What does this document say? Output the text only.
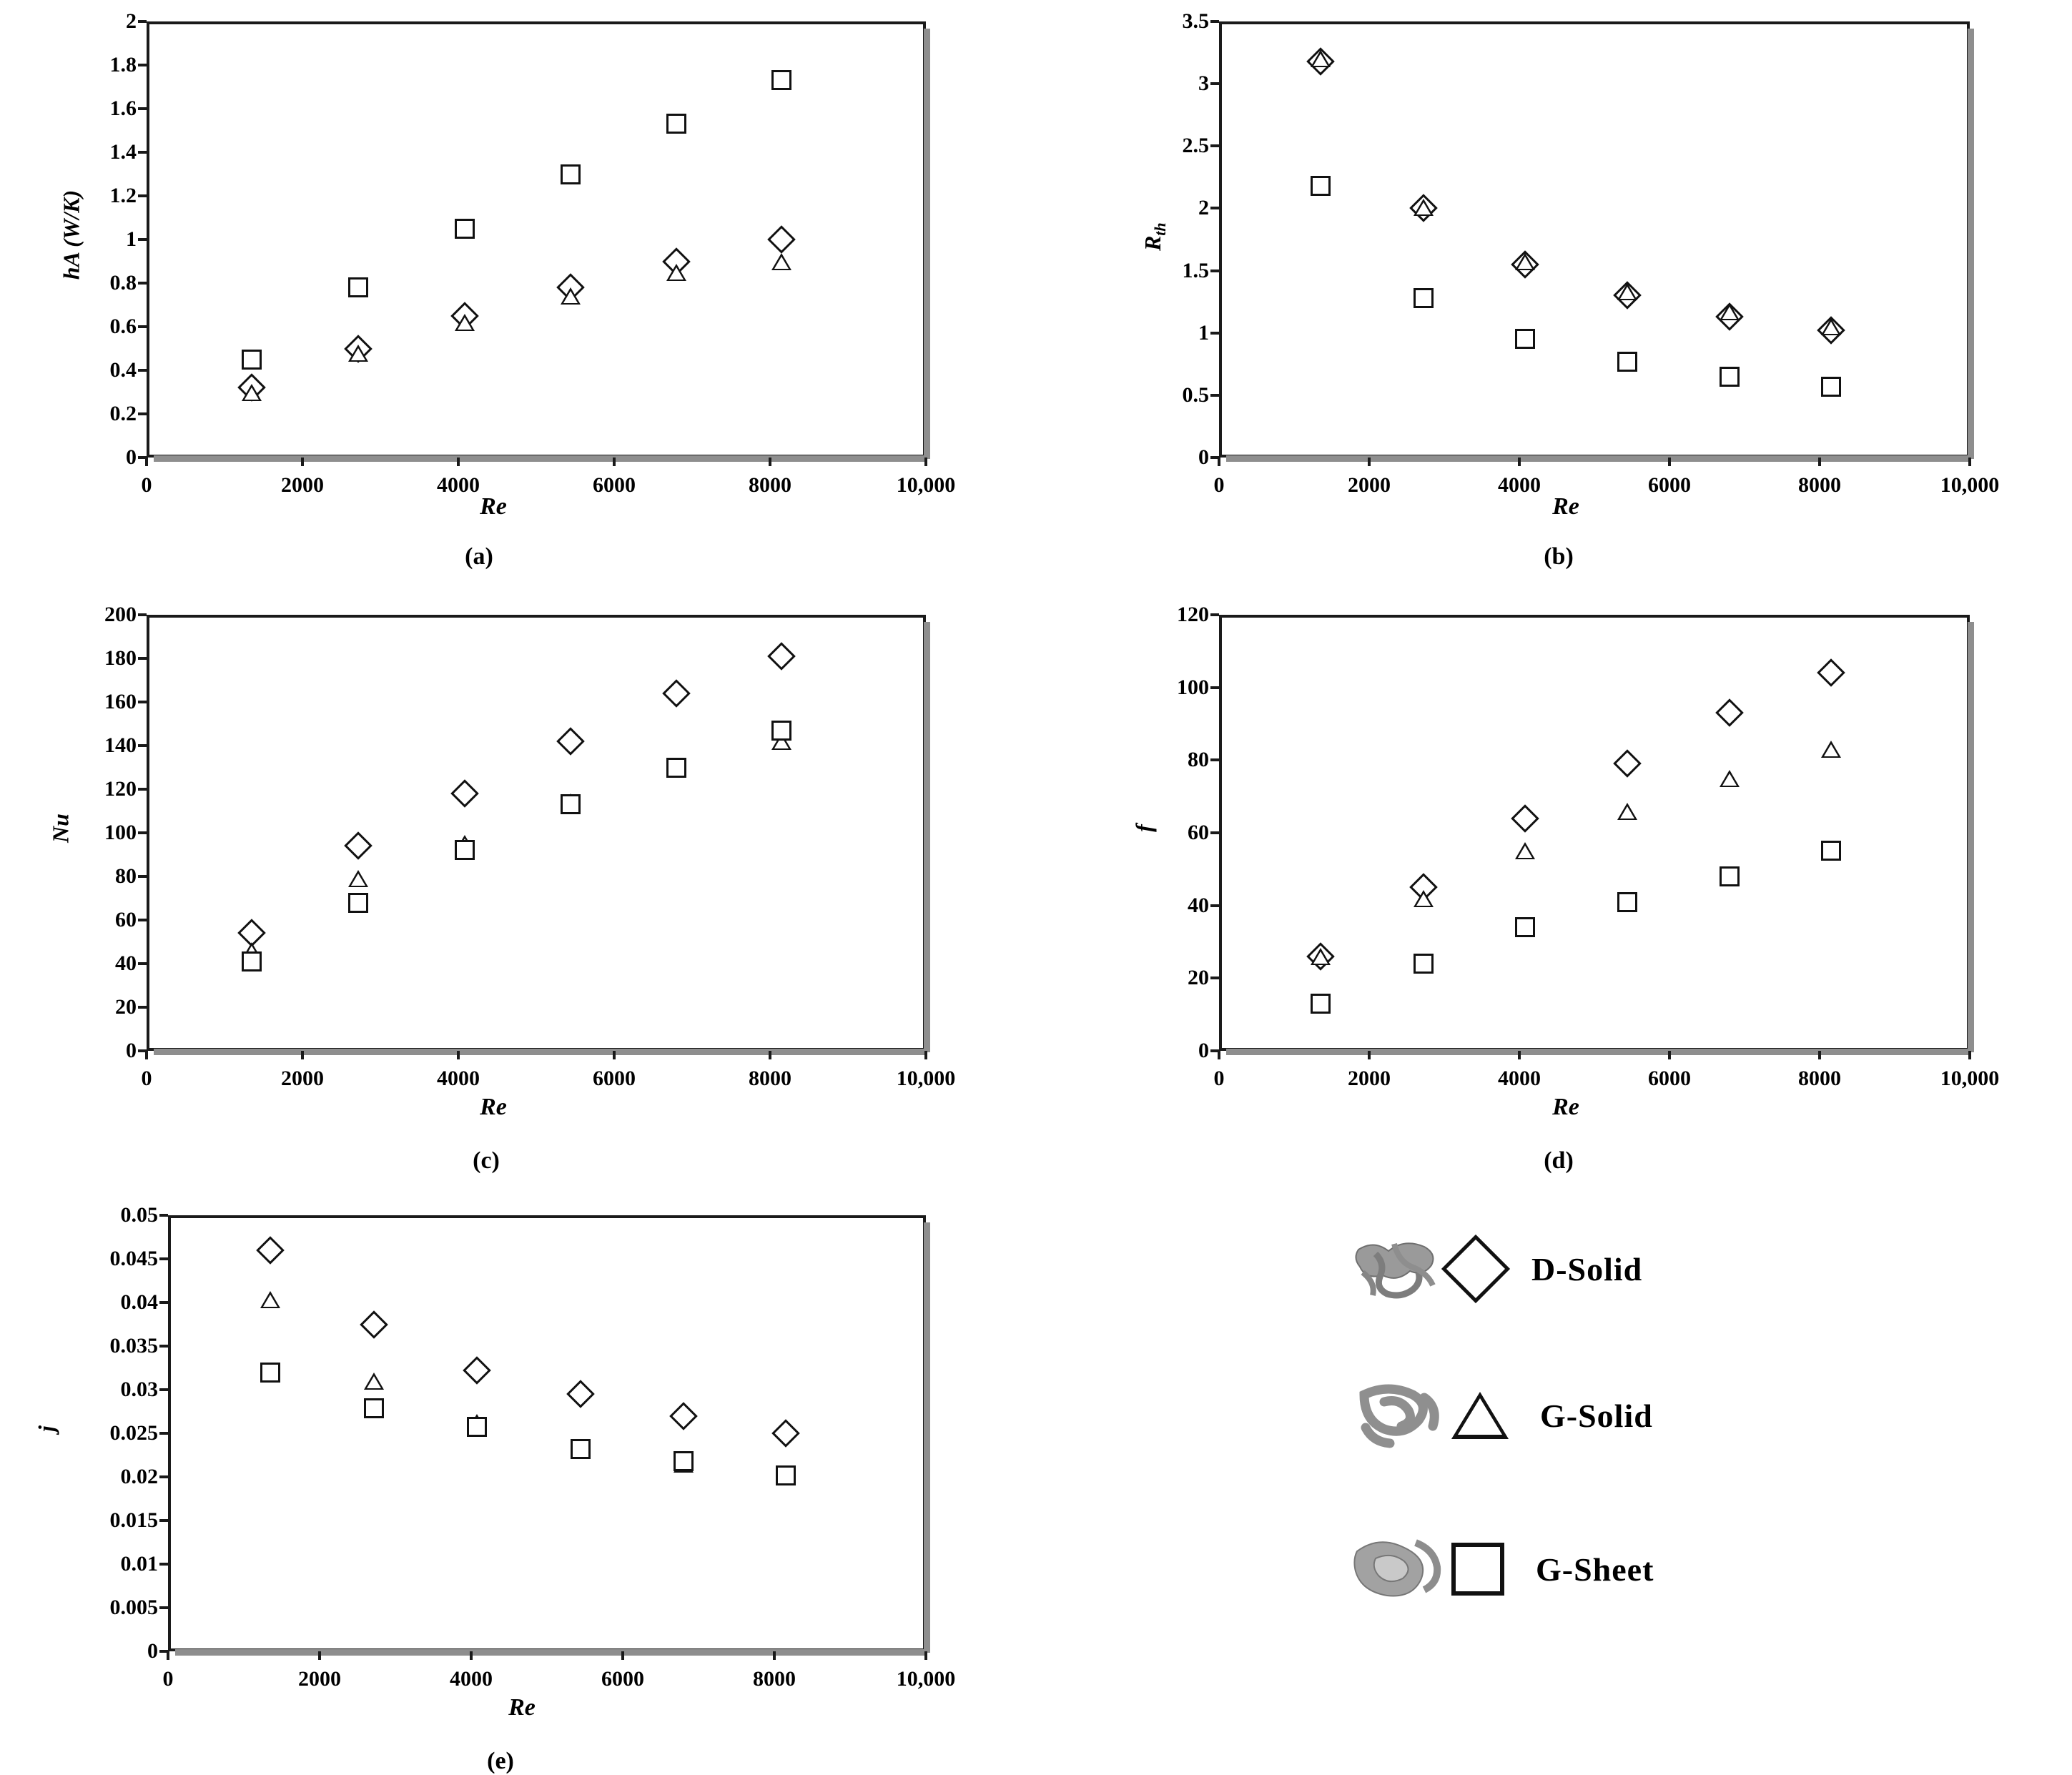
0
0.2
0.4
0.6
0.8
1
1.2
1.4
1.6
1.8
2
0	2000	4000	6000	8000	10,000
hA (W/K)
Re
(a)
0
0.5
1
1.5
2
2.5
3
3.5
0	2000	4000	6000	8000	10,000
$R_{th}$
Re
(b)
0
20
40
60
80
100
120
140
160
180
200
0	2000	4000	6000	8000	10,000
Nu
Re
(c)
0
20
40
60
80
100
120
0	2000	4000	6000	8000	10,000
f
Re
(d)
0
0.005
0.01
0.015
0.02
0.025
0.03
0.035
0.04
0.045
0.05
0	2000	4000	6000	8000	10,000
j
Re
(e)
D-Solid
G-Solid
G-Sheet
